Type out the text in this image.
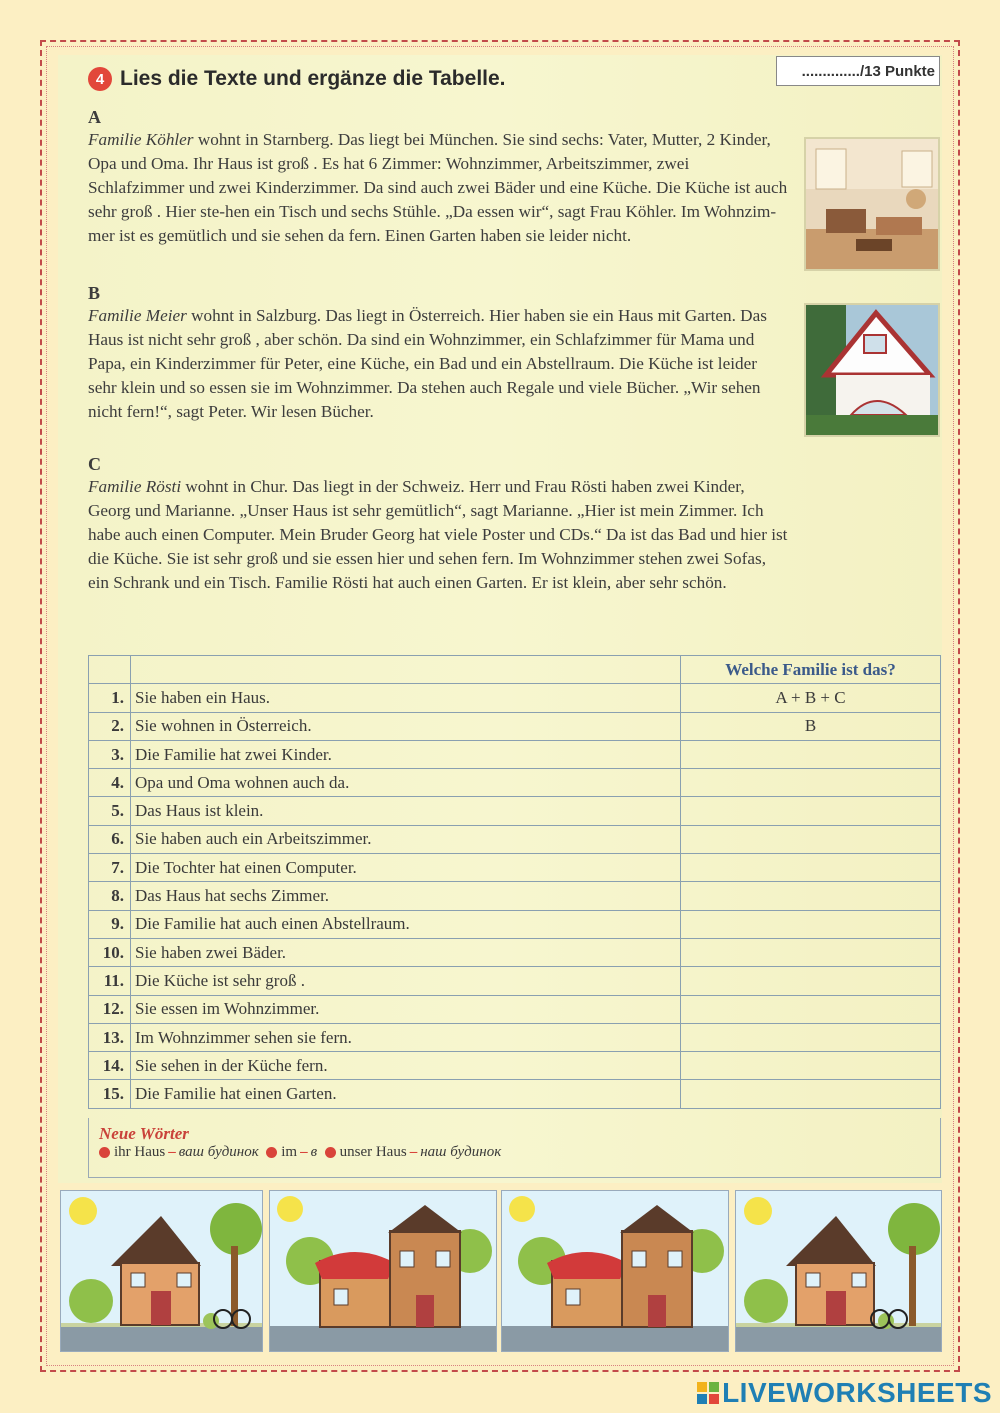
4 Lies die Texte und ergänze die Tabelle.	............../13 Punkte
A
Familie Köhler wohnt in Starnberg. Das liegt bei München. Sie sind sechs: Vater, Mutter, 2 Kinder, Opa und Oma. Ihr Haus ist groß . Es hat 6 Zimmer: Wohnzimmer, Arbeitszimmer, zwei Schlafzimmer und zwei Kinderzimmer. Da sind auch zwei Bäder und eine Küche. Die Küche ist auch sehr groß . Hier ste-hen ein Tisch und sechs Stühle. „Da essen wir“, sagt Frau Köhler. Im Wohnzim-mer ist es gemütlich und sie sehen da fern. Einen Garten haben sie leider nicht.
B
Familie Meier wohnt in Salzburg. Das liegt in Österreich. Hier haben sie ein Haus mit Garten. Das Haus ist nicht sehr groß , aber schön. Da sind ein Wohnzimmer, ein Schlafzimmer für Mama und Papa, ein Kinderzimmer für Peter, eine Küche, ein Bad und ein Abstellraum. Die Küche ist leider sehr klein und so essen sie im Wohnzimmer. Da stehen auch Regale und viele Bücher. „Wir sehen nicht fern!“, sagt Peter. Wir lesen Bücher.
C
Familie Rösti wohnt in Chur. Das liegt in der Schweiz. Herr und Frau Rösti haben zwei Kinder, Georg und Marianne. „Unser Haus ist sehr gemütlich“, sagt Marianne. „Hier ist mein Zimmer. Ich habe auch einen Computer. Mein Bruder Georg hat viele Poster und CDs.“ Da ist das Bad und hier ist die Küche. Sie ist sehr groß und sie essen hier und sehen fern. Im Wohnzimmer stehen zwei Sofas, ein Schrank und ein Tisch. Familie Rösti hat auch einen Garten. Er ist klein, aber sehr schön.
		Welche Familie ist das?
1.	Sie haben ein Haus.	A + B + C
2.	Sie wohnen in Österreich.	B
3.	Die Familie hat zwei Kinder.	
4.	Opa und Oma wohnen auch da.	
5.	Das Haus ist klein.	
6.	Sie haben auch ein Arbeitszimmer.	
7.	Die Tochter hat einen Computer.	
8.	Das Haus hat sechs Zimmer.	
9.	Die Familie hat auch einen Abstellraum.	
10.	Sie haben zwei Bäder.	
11.	Die Küche ist sehr groß .	
12.	Sie essen im Wohnzimmer.	
13.	Im Wohnzimmer sehen sie fern.	
14.	Sie sehen in der Küche fern.	
15.	Die Familie hat einen Garten.	
Neue Wörter
ihr Haus ‒ ваш будинок im ‒ в unser Haus ‒ наш будинок
LIVEWORKSHEETS
